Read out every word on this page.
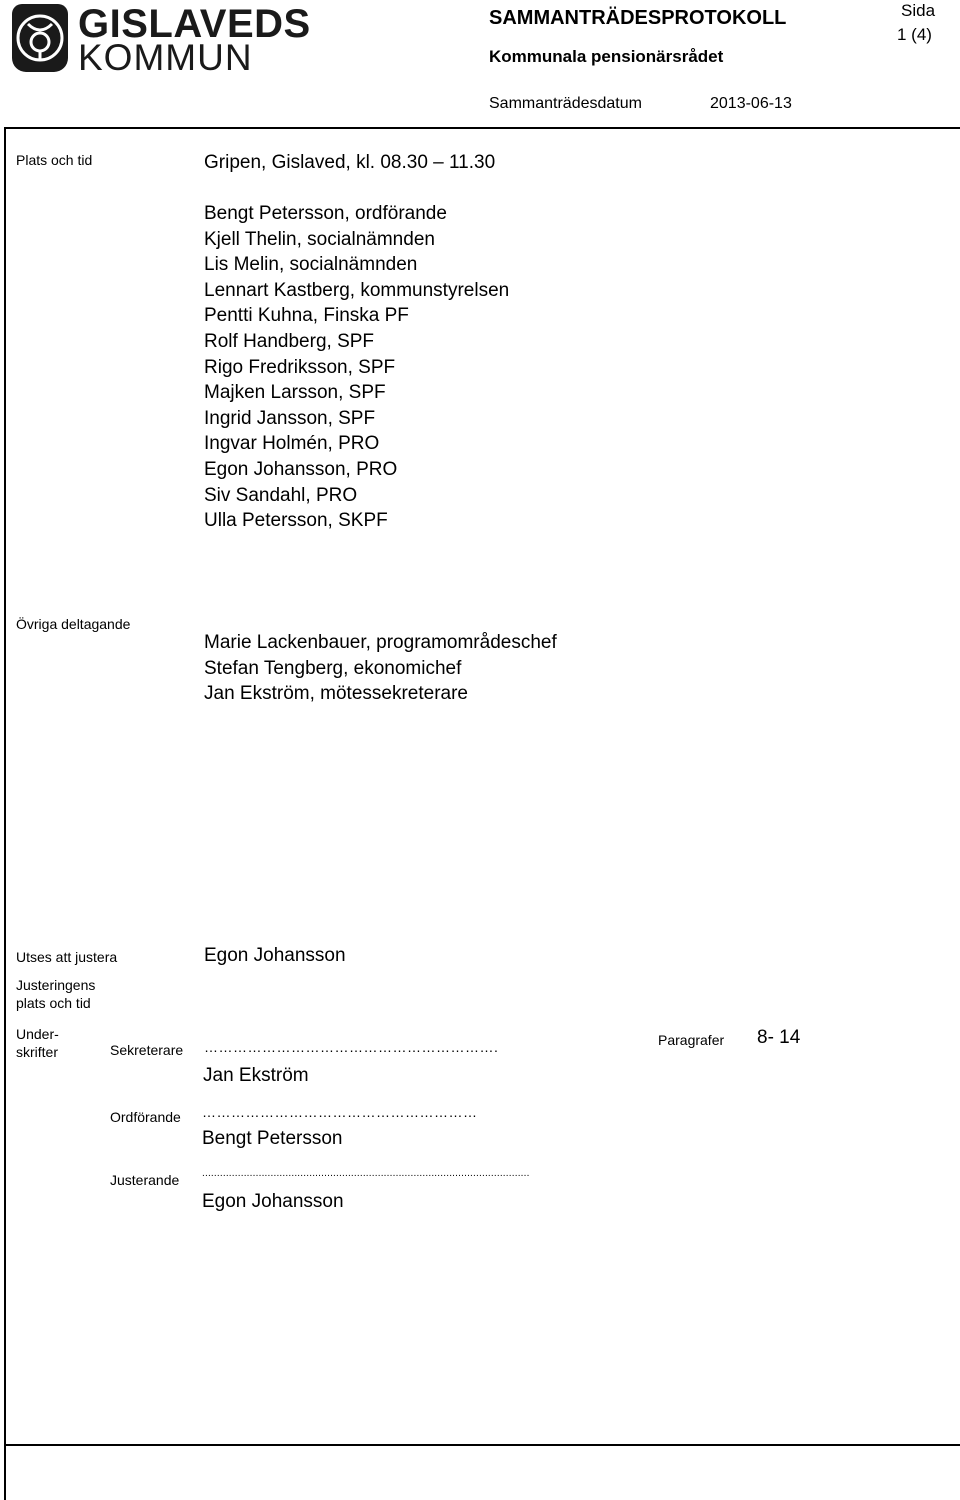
GISLAVEDS
KOMMUN
SAMMANTRÄDESPROTOKOLL
Kommunala pensionärsrådet
Sammanträdesdatum	2013-06-13
Sida
1 (4)
Plats och tid	Gripen, Gislaved, kl. 08.30 – 11.30
Bengt Petersson, ordförande
Kjell Thelin, socialnämnden
Lis Melin, socialnämnden
Lennart Kastberg, kommunstyrelsen
Pentti Kuhna, Finska PF
Rolf Handberg, SPF
Rigo Fredriksson, SPF
Majken Larsson, SPF
Ingrid Jansson, SPF
Ingvar Holmén, PRO
Egon Johansson, PRO
Siv Sandahl, PRO
Ulla Petersson, SKPF
Övriga deltagande
Marie Lackenbauer, programområdeschef
Stefan Tengberg, ekonomichef
Jan Ekström, mötessekreterare
Utses att justera	Egon Johansson
Justeringens
plats och tid
Under-
skrifter
Paragrafer 8- 14
Sekreterare …………………………………………………….
Jan Ekström
Ordförande …………………………………………………
Bengt Petersson
Justerande ..............................................................................................................
Egon Johansson
